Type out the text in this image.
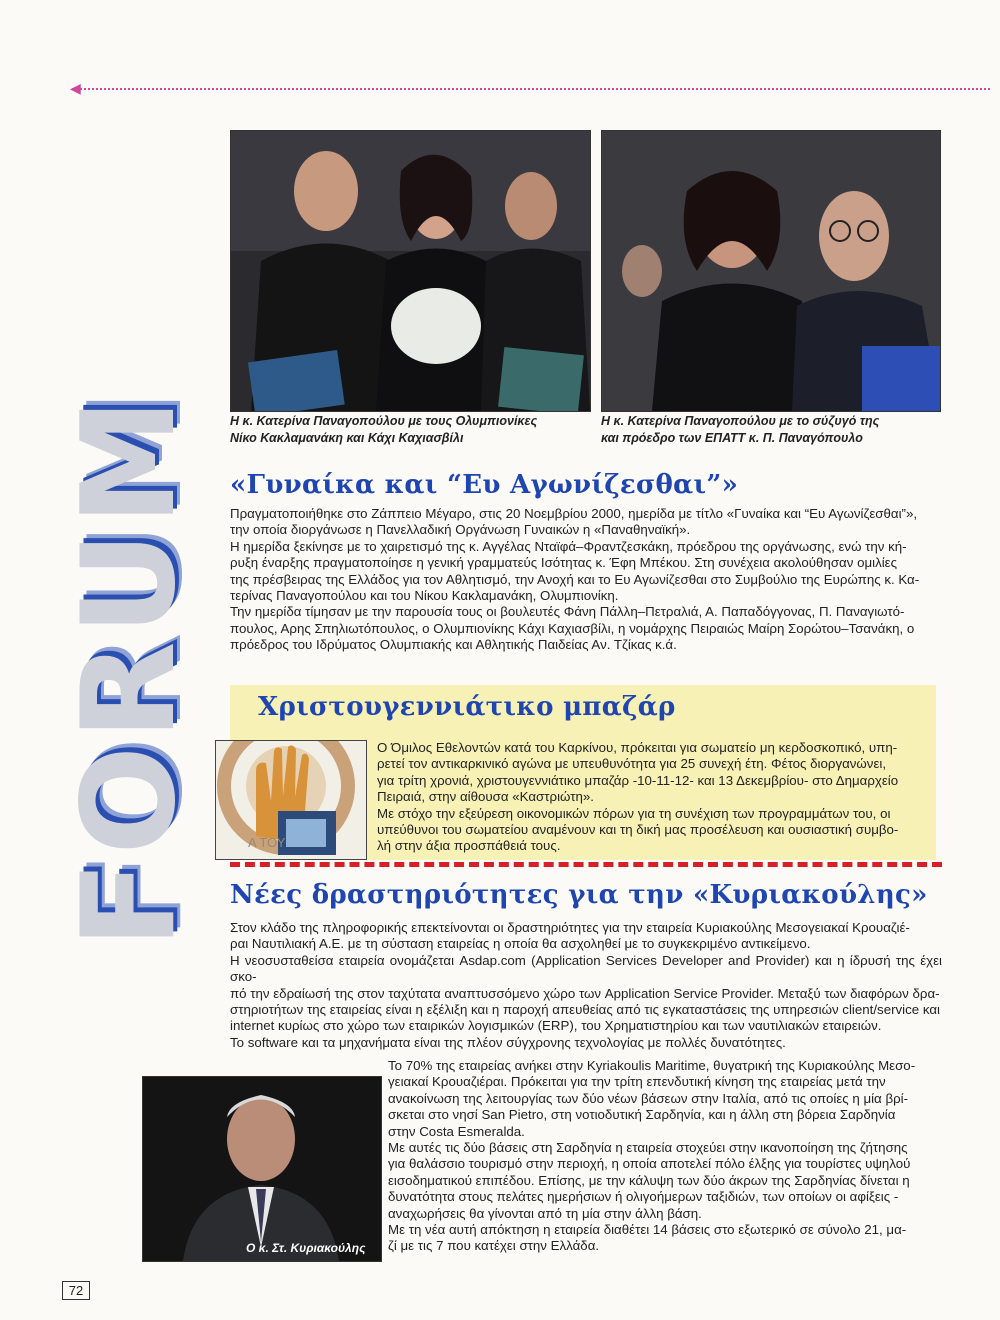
FORUM
◀
Η κ. Κατερίνα Παναγοπούλου με τους Ολυμπιονίκες
Νίκο Κακλαμανάκη και Κάχι Καχιασβίλι
Η κ. Κατερίνα Παναγοπούλου με το σύζυγό της
και πρόεδρο των ΕΠΑΤΤ κ. Π. Παναγόπουλο
«Γυναίκα και “Ευ Αγωνίζεσθαι”»

Πραγματοποιήθηκε στο Ζάππειο Μέγαρο, στις 20 Νοεμβρίου 2000, ημερίδα με τίτλο «Γυναίκα και “Ευ Αγωνίζεσθαι”»,

την οποία διοργάνωσε η Πανελλαδική Οργάνωση Γυναικών η «Παναθηναϊκή».

Η ημερίδα ξεκίνησε με το χαιρετισμό της κ. Αγγέλας Νταϊφά–Φραντζεσκάκη, πρόεδρου της οργάνωσης, ενώ την κή-

ρυξη έναρξης πραγματοποίησε η γενική γραμματεύς Ισότητας κ. Έφη Μπέκου. Στη συνέχεια ακολούθησαν ομιλίες

της πρέσβειρας της Ελλάδος για τον Αθλητισμό, την Ανοχή και το Ευ Αγωνίζεσθαι στο Συμβούλιο της Ευρώπης κ. Κα-

τερίνας Παναγοπούλου και του Νίκου Κακλαμανάκη, Ολυμπιονίκη.

Την ημερίδα τίμησαν με την παρουσία τους οι βουλευτές Φάνη Πάλλη–Πετραλιά, Α. Παπαδόγγονας, Π. Παναγιωτό-

πουλος, Αρης Σπηλιωτόπουλος, ο Ολυμπιονίκης Κάχι Καχιασβίλι, η νομάρχης Πειραιώς Μαίρη Σορώτου–Τσανάκη, ο

πρόεδρος του Ιδρύματος Ολυμπιακής και Αθλητικής Παιδείας Αν. Τζίκας κ.ά.

Χριστουγεννιάτικο μπαζάρ
Α ΤΟΥ

Ο Όμιλος Εθελοντών κατά του Καρκίνου, πρόκειται για σωματείο μη κερδοσκοπικό, υπη-

ρετεί τον αντικαρκινικό αγώνα με υπευθυνότητα για 25 συνεχή έτη. Φέτος διοργανώνει,

για τρίτη χρονιά, χριστουγεννιάτικο μπαζάρ -10-11-12- και 13 Δεκεμβρίου- στο Δημαρχείο

Πειραιά, στην αίθουσα «Καστριώτη».

Με στόχο την εξεύρεση οικονομικών πόρων για τη συνέχιση των προγραμμάτων του, οι

υπεύθυνοι του σωματείου αναμένουν και τη δική μας προσέλευση και ουσιαστική συμβο-

λή στην άξια προσπάθειά τους.

Νέες δραστηριότητες για την «Κυριακούλης»

Στον κλάδο της πληροφορικής επεκτείνονται οι δραστηριότητες για την εταιρεία Κυριακούλης Μεσογειακαί Κρουαζιέ-

ραι Ναυτιλιακή Α.Ε. με τη σύσταση εταιρείας η οποία θα ασχοληθεί με το συγκεκριμένο αντικείμενο.

Η νεοσυσταθείσα εταιρεία ονομάζεται Asdap.com (Application Services Developer and Provider) και η ίδρυσή της έχει σκο-

πό την εδραίωσή της στον ταχύτατα αναπτυσσόμενο χώρο των Application Service Provider. Μεταξύ των διαφόρων δρα-

στηριοτήτων της εταιρείας είναι η εξέλιξη και η παροχή απευθείας από τις εγκαταστάσεις της υπηρεσιών client/service και

internet κυρίως στο χώρο των εταιρικών λογισμικών (ERP), του Χρηματιστηρίου και των ναυτιλιακών εταιρειών.

Το software και τα μηχανήματα είναι της πλέον σύγχρονης τεχνολογίας με πολλές δυνατότητες.

Ο κ. Στ. Κυριακούλης

Το 70% της εταιρείας ανήκει στην Kyriakoulis Maritime, θυγατρική της Κυριακούλης Μεσο-

γειακαί Κρουαζιέραι. Πρόκειται για την τρίτη επενδυτική κίνηση της εταιρείας μετά την

ανακοίνωση της λειτουργίας των δύο νέων βάσεων στην Ιταλία, από τις οποίες η μία βρί-

σκεται στο νησί San Pietro, στη νοτιοδυτική Σαρδηνία, και η άλλη στη βόρεια Σαρδηνία

στην Costa Esmeralda.

Με αυτές τις δύο βάσεις στη Σαρδηνία η εταιρεία στοχεύει στην ικανοποίηση της ζήτησης

για θαλάσσιο τουρισμό στην περιοχή, η οποία αποτελεί πόλο έλξης για τουρίστες υψηλού

εισοδηματικού επιπέδου. Επίσης, με την κάλυψη των δύο άκρων της Σαρδηνίας δίνεται η

δυνατότητα στους πελάτες ημερήσιων ή ολιγοήμερων ταξιδιών, των οποίων οι αφίξεις -

αναχωρήσεις θα γίνονται από τη μία στην άλλη βάση.

Με τη νέα αυτή απόκτηση η εταιρεία διαθέτει 14 βάσεις στο εξωτερικό σε σύνολο 21, μα-

ζί με τις 7 που κατέχει στην Ελλάδα.

72
